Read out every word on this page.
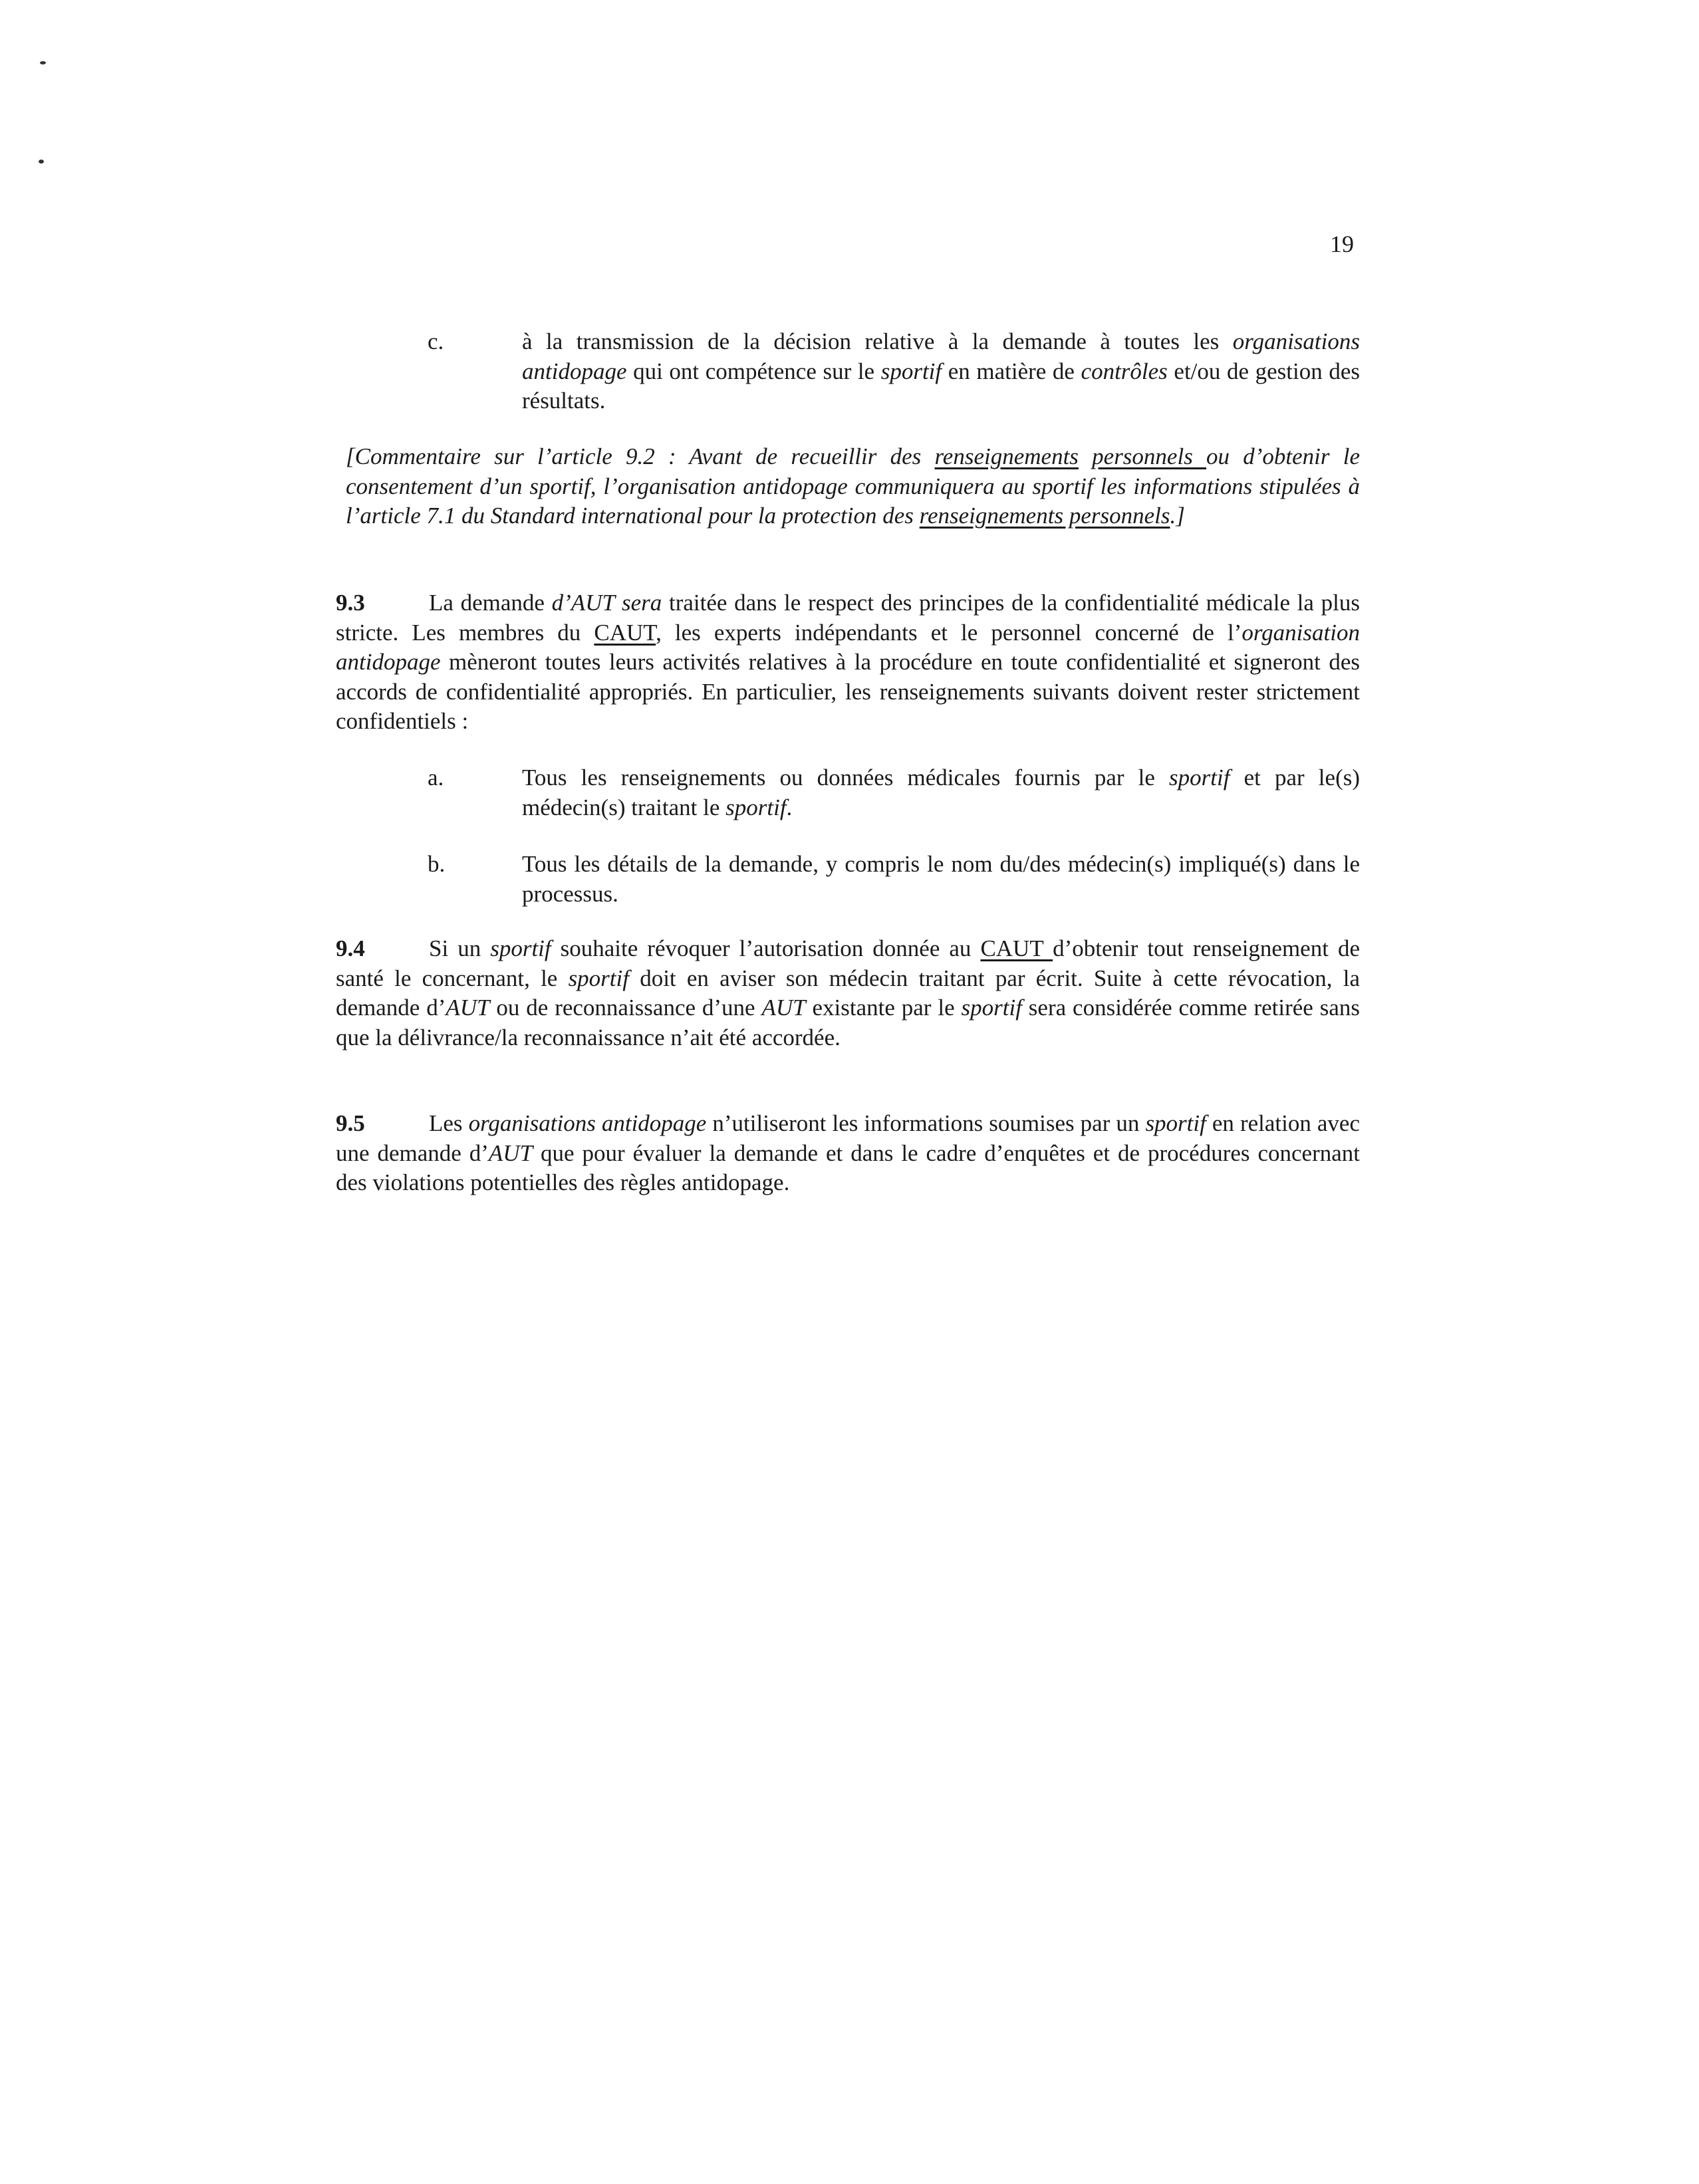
19
c.	à la transmission de la décision relative à la demande à toutes les organisations antidopage qui ont compétence sur le sportif en matière de contrôles et/ou de gestion des résultats.
[Commentaire sur l’article 9.2 : Avant de recueillir des renseignements personnels ou d’obtenir le consentement d’un sportif, l’organisation antidopage communiquera au sportif les informations stipulées à l’article 7.1 du Standard international pour la protection des renseignements personnels.]
9.3	La demande d’AUT sera traitée dans le respect des principes de la confidentialité médicale la plus stricte. Les membres du CAUT, les experts indépendants et le personnel concerné de l’organisation antidopage mèneront toutes leurs activités relatives à la procédure en toute confidentialité et signeront des accords de confidentialité appropriés. En particulier, les renseignements suivants doivent rester strictement confidentiels :
a.	Tous les renseignements ou données médicales fournis par le sportif et par le(s) médecin(s) traitant le sportif.
b.	Tous les détails de la demande, y compris le nom du/des médecin(s) impliqué(s) dans le processus.
9.4	Si un sportif souhaite révoquer l’autorisation donnée au CAUT d’obtenir tout renseignement de santé le concernant, le sportif doit en aviser son médecin traitant par écrit. Suite à cette révocation, la demande d’AUT ou de reconnaissance d’une AUT existante par le sportif sera considérée comme retirée sans que la délivrance/la reconnaissance n’ait été accordée.
9.5	Les organisations antidopage n’utiliseront les informations soumises par un sportif en relation avec une demande d’AUT que pour évaluer la demande et dans le cadre d’enquêtes et de procédures concernant des violations potentielles des règles antidopage.
